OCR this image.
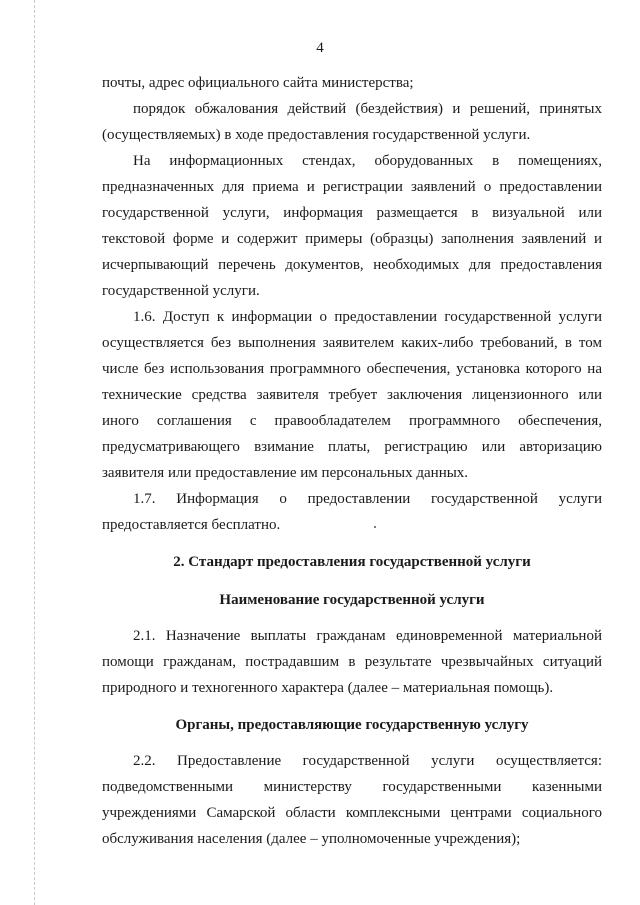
4

почты, адрес официального сайта министерства;

порядок обжалования действий (бездействия) и решений, принятых (осуществляемых) в ходе предоставления государственной услуги.

На информационных стендах, оборудованных в помещениях, предназначенных для приема и регистрации заявлений о предоставлении государственной услуги, информация размещается в визуальной или текстовой форме и содержит примеры (образцы) заполнения заявлений и исчерпывающий перечень документов, необходимых для предоставления государственной услуги.

1.6. Доступ к информации о предоставлении государственной услуги осуществляется без выполнения заявителем каких-либо требований, в том числе без использования программного обеспечения, установка которого на технические средства заявителя требует заключения лицензионного или иного соглашения с правообладателем программного обеспечения, предусматривающего взимание платы, регистрацию или авторизацию заявителя или предоставление им персональных данных.

1.7. Информация о предоставлении государственной услуги предоставляется бесплатно.

2. Стандарт предоставления государственной услуги

Наименование государственной услуги

2.1. Назначение выплаты гражданам единовременной материальной помощи гражданам, пострадавшим в результате чрезвычайных ситуаций природного и техногенного характера (далее – материальная помощь).

Органы, предоставляющие государственную услугу

2.2. Предоставление государственной услуги осуществляется: подведомственными министерству государственными казенными учреждениями Самарской области комплексными центрами социального обслуживания населения (далее – уполномоченные учреждения);
